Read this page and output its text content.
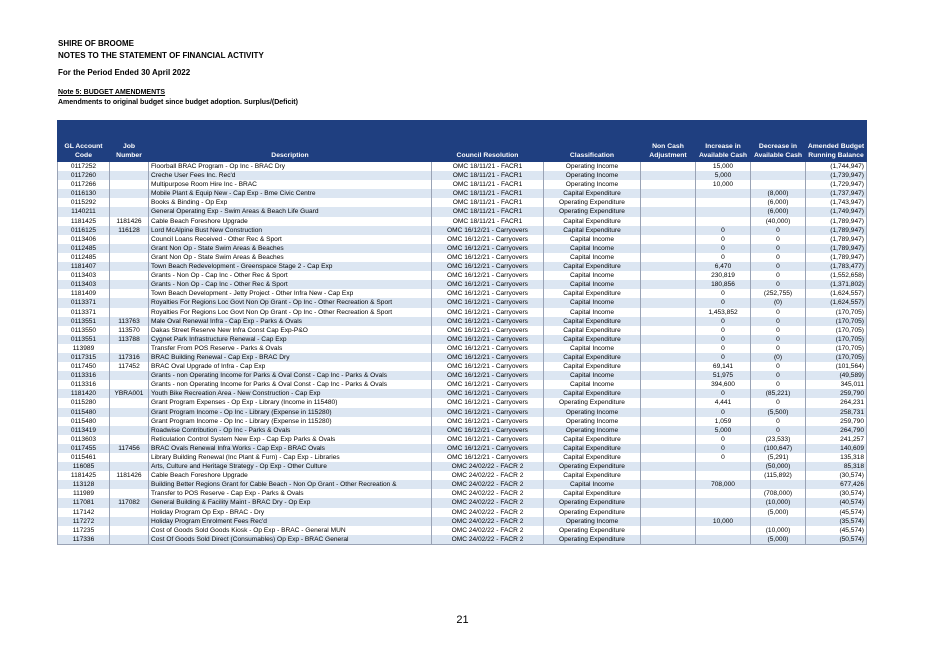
SHIRE OF BROOME
NOTES TO THE STATEMENT OF FINANCIAL ACTIVITY
For the Period Ended 30 April 2022
Note 5: BUDGET AMENDMENTS
Amendments to original budget since budget adoption. Surplus/(Deficit)
GL Account Code	Job Number	Description	Council Resolution	Classification	Non Cash Adjustment	Increase in Available Cash	Decrease in Available Cash	Amended Budget Running Balance
0117252		Floorball BRAC Program - Op Inc - BRAC Dry	OMC 18/11/21 - FACR1	Operating Income		15,000		(1,744,947)
0117260		Creche User Fees Inc. Rec'd	OMC 18/11/21 - FACR1	Operating Income		5,000		(1,739,947)
0117266		Multipurpose Room Hire Inc - BRAC	OMC 18/11/21 - FACR1	Operating Income		10,000		(1,729,947)
0116130		Mobile Plant & Equip New - Cap Exp - Bme Civic Centre	OMC 18/11/21 - FACR1	Capital Expenditure			(8,000)	(1,737,947)
0115292		Books & Binding - Op Exp	OMC 18/11/21 - FACR1	Operating Expenditure			(6,000)	(1,743,947)
1140211		General Operating Exp - Swim Areas & Beach Life Guard	OMC 18/11/21 - FACR1	Operating Expenditure			(6,000)	(1,749,947)
1181425	1181426	Cable Beach Foreshore Upgrade	OMC 18/11/21 - FACR1	Capital Expenditure			(40,000)	(1,789,947)
0116125	116128	Lord McAlpine Bust New Construction	OMC 16/12/21 - Carryovers	Capital Expenditure		0	0	(1,789,947)
0113406		Council Loans Received - Other Rec & Sport	OMC 16/12/21 - Carryovers	Capital Income		0	0	(1,789,947)
0112485		Grant Non Op - State Swim Areas & Beaches	OMC 16/12/21 - Carryovers	Capital Income		0	0	(1,789,947)
0112485		Grant Non Op - State Swim Areas & Beaches	OMC 16/12/21 - Carryovers	Capital Income		0	0	(1,789,947)
1181407		Town Beach Redevelopment - Greenspace Stage 2 - Cap Exp	OMC 16/12/21 - Carryovers	Capital Expenditure		6,470	0	(1,783,477)
0113403		Grants - Non Op - Cap Inc - Other Rec & Sport	OMC 16/12/21 - Carryovers	Capital Income		230,819	0	(1,552,658)
0113403		Grants - Non Op - Cap Inc - Other Rec & Sport	OMC 16/12/21 - Carryovers	Capital Income		180,856	0	(1,371,802)
1181409		Town Beach Development - Jetty Project - Other Infra New - Cap Exp	OMC 16/12/21 - Carryovers	Capital Expenditure		0	(252,755)	(1,624,557)
0113371		Royalties For Regions Loc Govt Non Op Grant - Op Inc - Other Recreation & Sport	OMC 16/12/21 - Carryovers	Capital Income		0	(0)	(1,624,557)
0113371		Royalties For Regions Loc Govt Non Op Grant - Op Inc - Other Recreation & Sport	OMC 16/12/21 - Carryovers	Capital Income		1,453,852	0	(170,705)
0113551	113763	Male Oval Renewal Infra - Cap Exp - Parks & Ovals	OMC 16/12/21 - Carryovers	Capital Expenditure		0	0	(170,705)
0113550	113570	Dakas Street Reserve New Infra Const Cap Exp-P&O	OMC 16/12/21 - Carryovers	Capital Expenditure		0	0	(170,705)
0113551	113788	Cygnet Park Infrastructure Renewal - Cap Exp	OMC 16/12/21 - Carryovers	Capital Expenditure		0	0	(170,705)
113989		Transfer From POS Reserve - Parks & Ovals	OMC 16/12/21 - Carryovers	Capital Income		0	0	(170,705)
0117315	117316	BRAC Building Renewal - Cap Exp - BRAC Dry	OMC 16/12/21 - Carryovers	Capital Expenditure		0	(0)	(170,705)
0117450	117452	BRAC Oval Upgrade of Infra - Cap Exp	OMC 16/12/21 - Carryovers	Capital Expenditure		69,141	0	(101,564)
0113316		Grants - non Operating Income for Parks & Oval Const - Cap Inc - Parks & Ovals	OMC 16/12/21 - Carryovers	Capital Income		51,975	0	(49,589)
0113316		Grants - non Operating Income for Parks & Oval Const - Cap Inc - Parks & Ovals	OMC 16/12/21 - Carryovers	Capital Income		394,600	0	345,011
1181420	YBRA001	Youth Bike Recreation Area - New Construction - Cap Exp	OMC 16/12/21 - Carryovers	Capital Expenditure		0	(85,221)	259,790
0115280		Grant Program Expenses - Op Exp - Library (Income in 115480)	OMC 16/12/21 - Carryovers	Operating Expenditure		4,441	0	264,231
0115480		Grant Program Income - Op Inc - Library (Expense in 115280)	OMC 16/12/21 - Carryovers	Operating Income		0	(5,500)	258,731
0115480		Grant Program Income - Op Inc - Library (Expense in 115280)	OMC 16/12/21 - Carryovers	Operating Income		1,059	0	259,790
0113419		Roadwise Contribution - Op Inc - Parks & Ovals	OMC 16/12/21 - Carryovers	Operating Income		5,000	0	264,790
0113603		Reticulation Control System New Exp - Cap Exp Parks & Ovals	OMC 16/12/21 - Carryovers	Capital Expenditure		0	(23,533)	241,257
0117455	117456	BRAC Ovals Renewal Infra Works - Cap Exp - BRAC Ovals	OMC 16/12/21 - Carryovers	Capital Expenditure		0	(100,647)	140,609
0115461		Library Building Renewal (Inc Plant & Furn) - Cap Exp - Libraries	OMC 16/12/21 - Carryovers	Capital Expenditure		0	(5,291)	135,318
116085		Arts, Culture and Heritage Strategy - Op Exp - Other Culture	OMC 24/02/22 - FACR 2	Operating Expenditure			(50,000)	85,318
1181425	1181426	Cable Beach Foreshore Upgrade	OMC 24/02/22 - FACR 2	Capital Expenditure			(115,892)	(30,574)
113128		Building Better Regions Grant for Cable Beach - Non Op Grant - Other Recreation &	OMC 24/02/22 - FACR 2	Capital Income		708,000		677,426
111989		Transfer to POS Reserve - Cap Exp - Parks & Ovals	OMC 24/02/22 - FACR 2	Capital Expenditure			(708,000)	(30,574)
117081	117082	General Building & Facility Maint - BRAC Dry - Op Exp	OMC 24/02/22 - FACR 2	Operating Expenditure			(10,000)	(40,574)
117142		Holiday Program Op Exp - BRAC - Dry	OMC 24/02/22 - FACR 2	Operating Expenditure			(5,000)	(45,574)
117272		Holiday Program Enrolment Fees Rec'd	OMC 24/02/22 - FACR 2	Operating Income		10,000		(35,574)
117235		Cost of Goods Sold Goods Kiosk - Op Exp - BRAC - General MUN	OMC 24/02/22 - FACR 2	Operating Expenditure			(10,000)	(45,574)
117336		Cost Of Goods Sold Direct (Consumables) Op Exp - BRAC General	OMC 24/02/22 - FACR 2	Operating Expenditure			(5,000)	(50,574)
21
